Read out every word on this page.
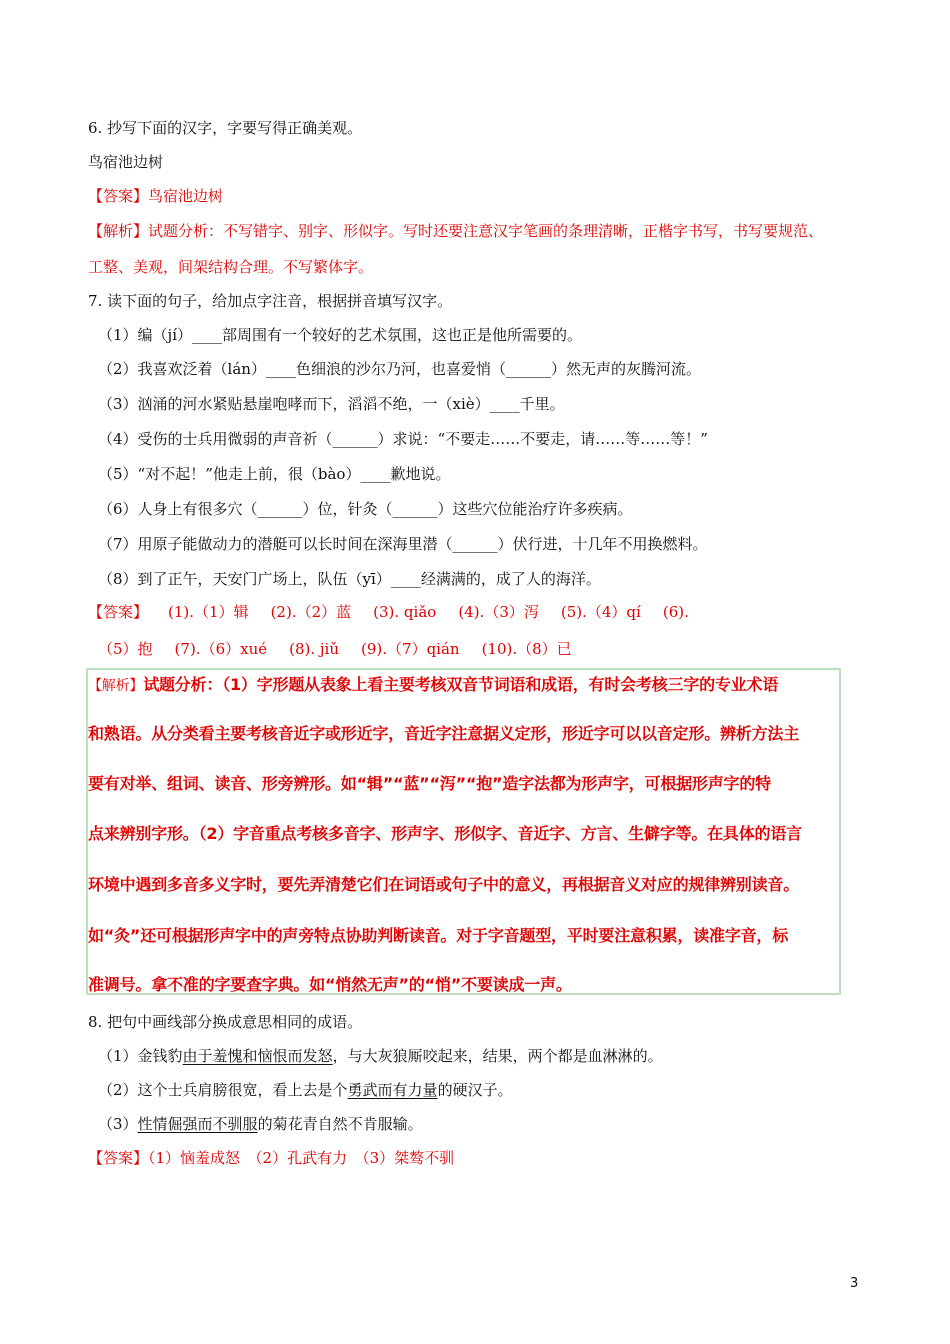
6. 抄写下面的汉字，字要写得正确美观。
鸟宿池边树
【答案】鸟宿池边树
【解析】试题分析：不写错字、别字、形似字。写时还要注意汉字笔画的条理清晰，正楷字书写，书写要规范、
工整、美观，间架结构合理。不写繁体字。
7. 读下面的句子，给加点字注音，根据拼音填写汉字。
（1）编（jí）____部周围有一个较好的艺术氛围，这也正是他所需要的。
（2）我喜欢泛着（lán）____色细浪的沙尔乃河，也喜爱悄（______）然无声的灰腾河流。
（3）汹涌的河水紧贴悬崖咆哮而下，滔滔不绝，一（xiè）____千里。
（4）受伤的士兵用微弱的声音祈（______）求说：“不要走……不要走，请……等……等！”
（5）“对不起！”他走上前，很（bào）____歉地说。
（6）人身上有很多穴（______）位，针灸（______）这些穴位能治疗许多疾病。
（7）用原子能做动力的潜艇可以长时间在深海里潜（______）伏行进，十几年不用换燃料。
（8）到了正午，天安门广场上，队伍（yī）____经满满的，成了人的海洋。
【答案】 (1).（1）辑 (2).（2）蓝 (3). qiǎo (4).（3）泻 (5).（4）qí (6).
（5）抱 (7).（6）xué (8). jiǔ (9).（7）qián (10).（8）已
【解析】试题分析：（1）字形题从表象上看主要考核双音节词语和成语，有时会考核三字的专业术语
和熟语。从分类看主要考核音近字或形近字，音近字注意据义定形，形近字可以以音定形。辨析方法主
要有对举、组词、读音、形旁辨形。如“辑”“蓝”“泻”“抱”造字法都为形声字，可根据形声字的特
点来辨别字形。（2）字音重点考核多音字、形声字、形似字、音近字、方言、生僻字等。在具体的语言
环境中遇到多音多义字时，要先弄清楚它们在词语或句子中的意义，再根据音义对应的规律辨别读音。
如“灸”还可根据形声字中的声旁特点协助判断读音。对于字音题型，平时要注意积累，读准字音，标
准调号。拿不准的字要查字典。如“悄然无声”的“悄”不要读成一声。
8. 把句中画线部分换成意思相同的成语。
（1）金钱豹由于羞愧和恼恨而发怒，与大灰狼厮咬起来，结果，两个都是血淋淋的。
（2）这个士兵肩膀很宽，看上去是个勇武而有力量的硬汉子。
（3）性情倔强而不驯服的菊花青自然不肯服输。
【答案】（1）恼羞成怒　（2）孔武有力　（3）桀骜不驯
3
